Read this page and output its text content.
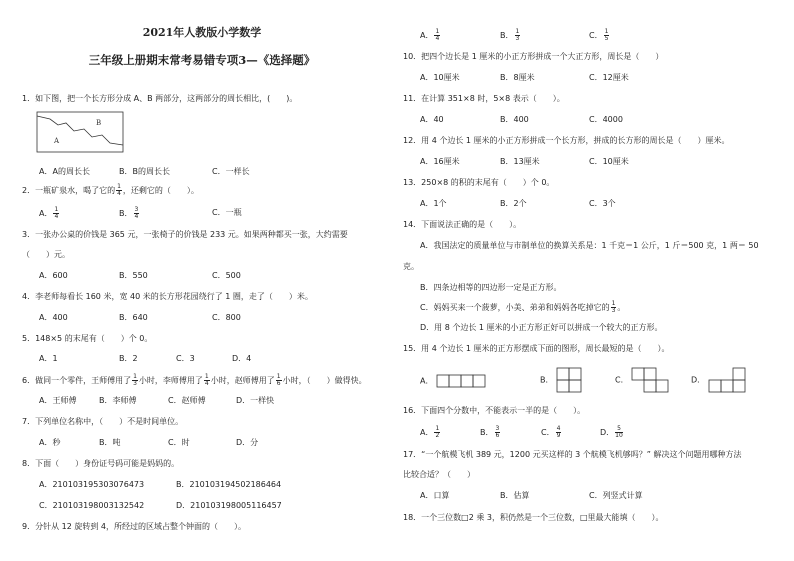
2021年人教版小学数学
三年级上册期末常考易错专项3—《选择题》
1．如下图，把一个长方形分成 A、B 两部分，这两部分的周长相比，(　　)。
A
B
A．A的周长长	B．B的周长长	C．一样长
2．一瓶矿泉水，喝了它的 $\frac{1}{4}$ ，还剩它的（　　）。
A． $\frac{1}{4}$	B． $\frac{3}{4}$	C．一瓶
3．一张办公桌的价钱是 365 元，一张椅子的价钱是 233 元。如果两种都买一张，大约需要
（　　）元。
A．600	B．550	C．500
4．李老师每看长 160 米，宽 40 米的长方形花园绕行了 1 圈，走了（　　）米。
A．400	B．640	C．800
5．148×5 的末尾有（　　）个 0。
A．1	B．2	C．3	D．4
6．做同一个零件，王师傅用了 $\frac{1}{3}$ 小时，李师傅用了 $\frac{1}{4}$ 小时，赵师傅用了 $\frac{1}{6}$ 小时，（　　）做得快。
A．王师傅	B．李师傅	C．赵师傅	D．一样快
7．下列单位名称中，（　　）不是时间单位。
A．秒	B．吨	C．时	D．分
8．下面（　　）身份证号码可能是妈妈的。
A．210103195303076473	B．210103194502186464
C．210103198003132542	D．210103198005116457
9．分针从 12 旋转到 4，所经过的区域占整个钟面的（　　）。
A． $\frac{1}{4}$	B． $\frac{1}{3}$	C． $\frac{1}{5}$
10．把四个边长是 1 厘米的小正方形拼成一个大正方形，周长是（　　）
A．10厘米	B．8厘米	C．12厘米
11．在计算 351×8 时，5×8 表示（　　）。
A．40	B．400	C．4000
12．用 4 个边长 1 厘米的小正方形拼成一个长方形，拼成的长方形的周长是（　　）厘米。
A．16厘米	B．13厘米	C．10厘米
13．250×8 的积的末尾有（　　）个 0。
A．1个	B．2个	C．3个
14．下面说法正确的是（　　）。
A．我国法定的质量单位与市制单位的换算关系是：1 千克＝1 公斤，1 斤＝500 克，1 两＝ 50
克。
B．四条边相等的四边形一定是正方形。
C．妈妈买来一个菠萝，小美、弟弟和妈妈各吃掉它的 $\frac{1}{3}$ 。
D．用 8 个边长 1 厘米的小正方形正好可以拼成一个较大的正方形。
15．用 4 个边长 1 厘米的正方形摆成下面的图形，周长最短的是（　　）。
A．	B．	C．	D．
16．下面四个分数中，不能表示一半的是（　　）。
A． $\frac{1}{2}$	B． $\frac{3}{6}$	C． $\frac{4}{9}$	D． $\frac{5}{10}$
17．“一个航模飞机 389 元，1200 元买这样的 3 个航模飞机够吗？” 解决这个问题用哪种方法
比较合适？（　　）
A．口算	B．估算	C．列竖式计算
18．一个三位数□2 乘 3，积仍然是一个三位数，□里最大能填（　　）。
